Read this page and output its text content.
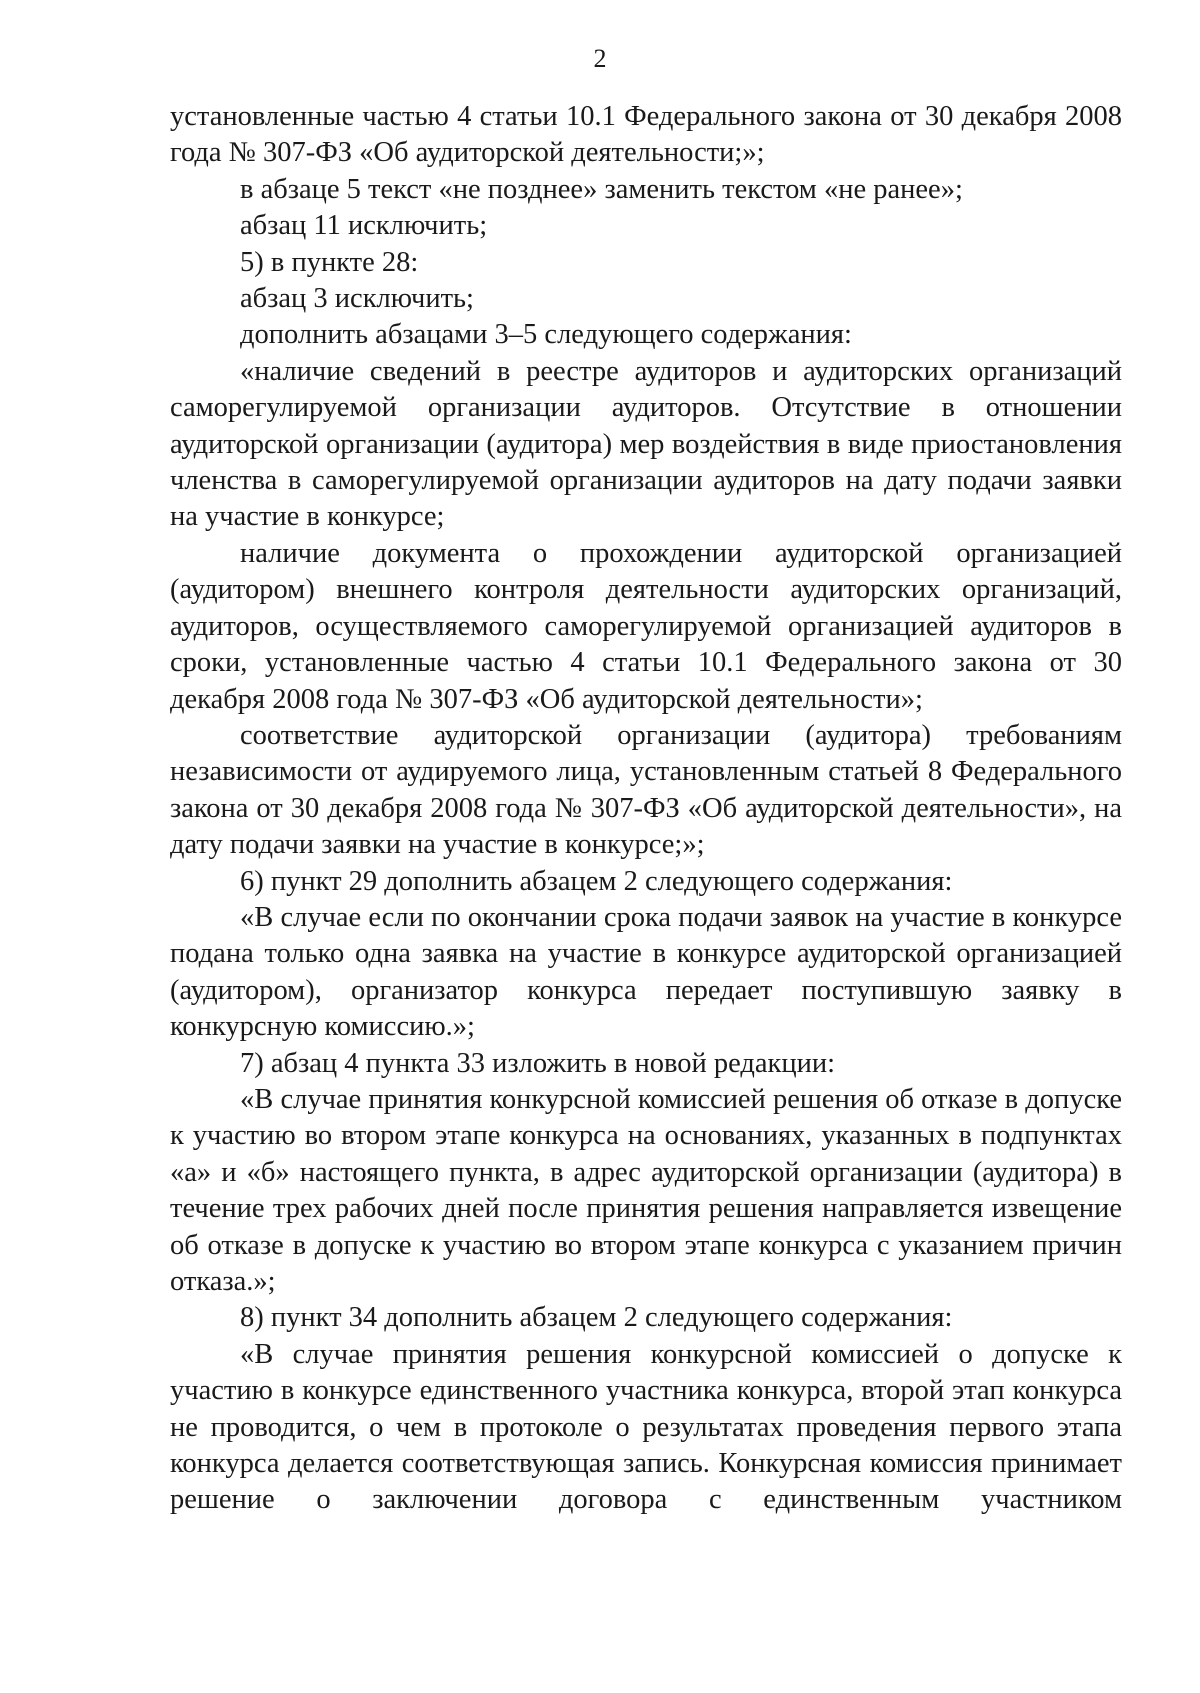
2

установленные частью 4 статьи 10.1 Федерального закона от 30 декабря 2008 года № 307-ФЗ «Об аудиторской деятельности;»;

в абзаце 5 текст «не позднее» заменить текстом «не ранее»;

абзац 11 исключить;

5) в пункте 28:

абзац 3 исключить;

дополнить абзацами 3–5 следующего содержания:

«наличие сведений в реестре аудиторов и аудиторских организаций саморегулируемой организации аудиторов. Отсутствие в отношении аудиторской организации (аудитора) мер воздействия в виде приостановления членства в саморегулируемой организации аудиторов на дату подачи заявки на участие в конкурсе;

наличие документа о прохождении аудиторской организацией (аудитором) внешнего контроля деятельности аудиторских организаций, аудиторов, осуществляемого саморегулируемой организацией аудиторов в сроки, установленные частью 4 статьи 10.1 Федерального закона от 30 декабря 2008 года № 307-ФЗ «Об аудиторской деятельности»;

соответствие аудиторской организации (аудитора) требованиям независимости от аудируемого лица, установленным статьей 8 Федерального закона от 30 декабря 2008 года № 307-ФЗ «Об аудиторской деятельности», на дату подачи заявки на участие в конкурсе;»;

6) пункт 29 дополнить абзацем 2 следующего содержания:

«В случае если по окончании срока подачи заявок на участие в конкурсе подана только одна заявка на участие в конкурсе аудиторской организацией (аудитором), организатор конкурса передает поступившую заявку в конкурсную комиссию.»;

7) абзац 4 пункта 33 изложить в новой редакции:

«В случае принятия конкурсной комиссией решения об отказе в допуске к участию во втором этапе конкурса на основаниях, указанных в подпунктах «а» и «б» настоящего пункта, в адрес аудиторской организации (аудитора) в течение трех рабочих дней после принятия решения направляется извещение об отказе в допуске к участию во втором этапе конкурса с указанием причин отказа.»;

8) пункт 34 дополнить абзацем 2 следующего содержания:

«В случае принятия решения конкурсной комиссией о допуске к участию в конкурсе единственного участника конкурса, второй этап конкурса не проводится, о чем в протоколе о результатах проведения первого этапа конкурса делается соответствующая запись. Конкурсная комиссия принимает решение о заключении договора с единственным участником
